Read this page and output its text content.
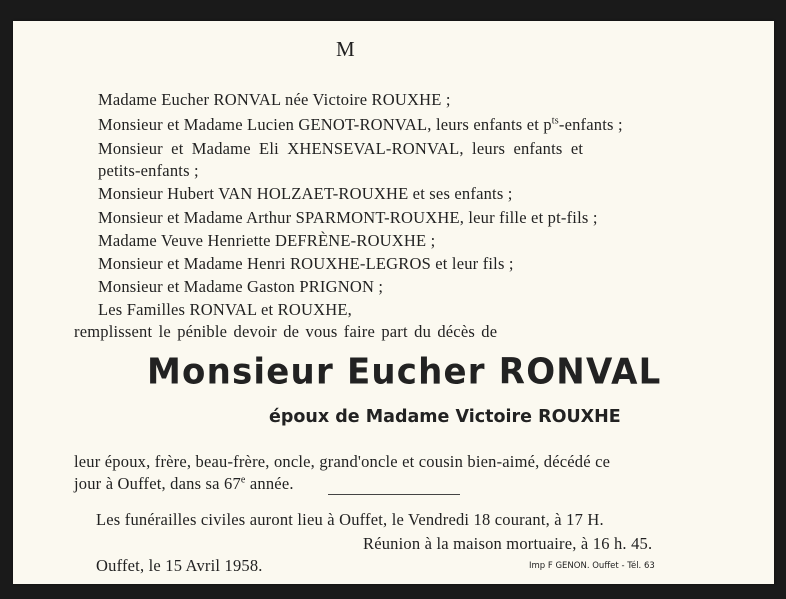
M
Madame Eucher RONVAL née Victoire ROUXHE ;
Monsieur et Madame Lucien GENOT-RONVAL, leurs enfants et $p^{ts}$-enfants ;
Monsieur et Madame Eli XHENSEVAL-RONVAL, leurs enfants et
petits-enfants ;
Monsieur Hubert VAN HOLZAET-ROUXHE et ses enfants ;
Monsieur et Madame Arthur SPARMONT-ROUXHE, leur fille et pt-fils ;
Madame Veuve Henriette DEFRÈNE-ROUXHE ;
Monsieur et Madame Henri ROUXHE-LEGROS et leur fils ;
Monsieur et Madame Gaston PRIGNON ;
Les Familles RONVAL et ROUXHE,
remplissent le pénible devoir de vous faire part du décès de
Monsieur Eucher RONVAL
époux de Madame Victoire ROUXHE
leur époux, frère, beau-frère, oncle, grand'oncle et cousin bien-aimé, décédé ce
jour à Ouffet, dans sa 67e année.
Les funérailles civiles auront lieu à Ouffet, le Vendredi 18 courant, à 17 H.
Réunion à la maison mortuaire, à 16 h. 45.
Ouffet, le 15 Avril 1958.	Imp F GENON. Ouffet - Tél. 63
